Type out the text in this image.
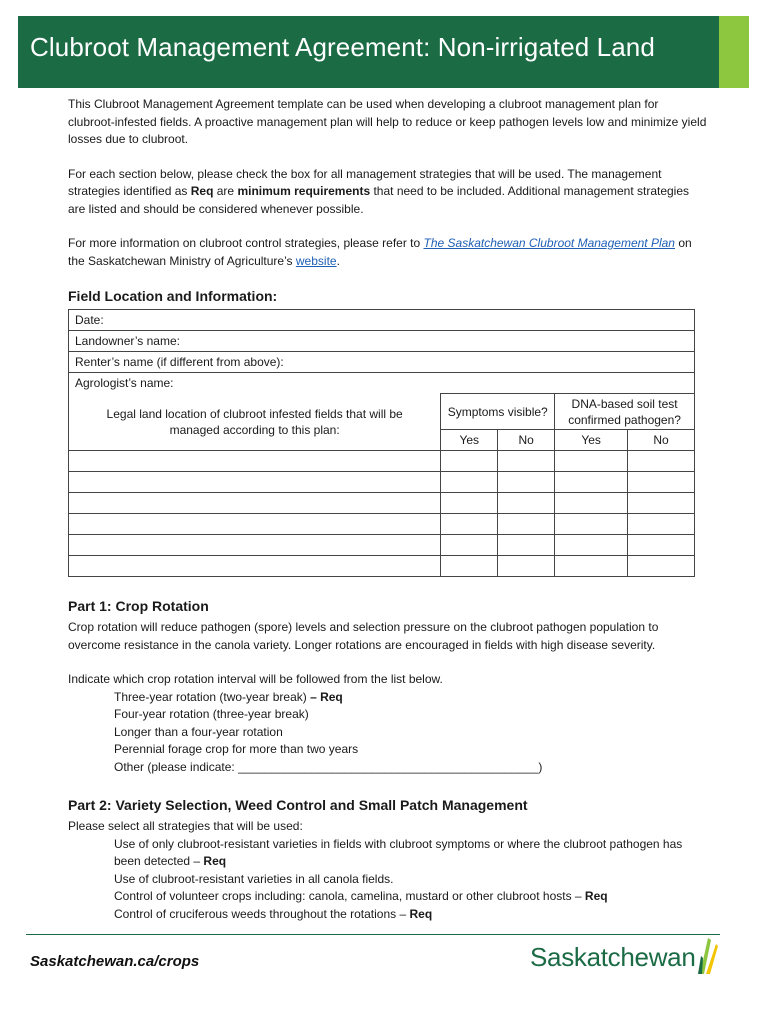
Clubroot Management Agreement: Non-irrigated Land

This Clubroot Management Agreement template can be used when developing a clubroot management plan for clubroot-infested fields. A proactive management plan will help to reduce or keep pathogen levels low and minimize yield losses due to clubroot.

For each section below, please check the box for all management strategies that will be used. The management strategies identified as Req are minimum requirements that need to be included. Additional management strategies are listed and should be considered whenever possible.

For more information on clubroot control strategies, please refer to The Saskatchewan Clubroot Management Plan on the Saskatchewan Ministry of Agriculture’s website.

Field Location and Information:
Date:				
Landowner’s name:				
Renter’s name (if different from above):				
Agrologist’s name:				
Legal land location of clubroot infested fields that will be managed according to this plan:	Symptoms visible?		DNA-based soil test confirmed pathogen?	
	Yes	No	Yes	No

Part 1: Crop Rotation

Crop rotation will reduce pathogen (spore) levels and selection pressure on the clubroot pathogen population to overcome resistance in the canola variety. Longer rotations are encouraged in fields with high disease severity.

Indicate which crop rotation interval will be followed from the list below.

Three-year rotation (two-year break) – Req

Four-year rotation (three-year break)

Longer than a four-year rotation

Perennial forage crop for more than two years

Other (please indicate: _____________________________________________)

Part 2: Variety Selection, Weed Control and Small Patch Management

Please select all strategies that will be used:

Use of only clubroot-resistant varieties in fields with clubroot symptoms or where the clubroot pathogen has been detected – Req

Use of clubroot-resistant varieties in all canola fields.

Control of volunteer crops including: canola, camelina, mustard or other clubroot hosts – Req

Control of cruciferous weeds throughout the rotations – Req

Saskatchewan.ca/crops	Saskatchewan
